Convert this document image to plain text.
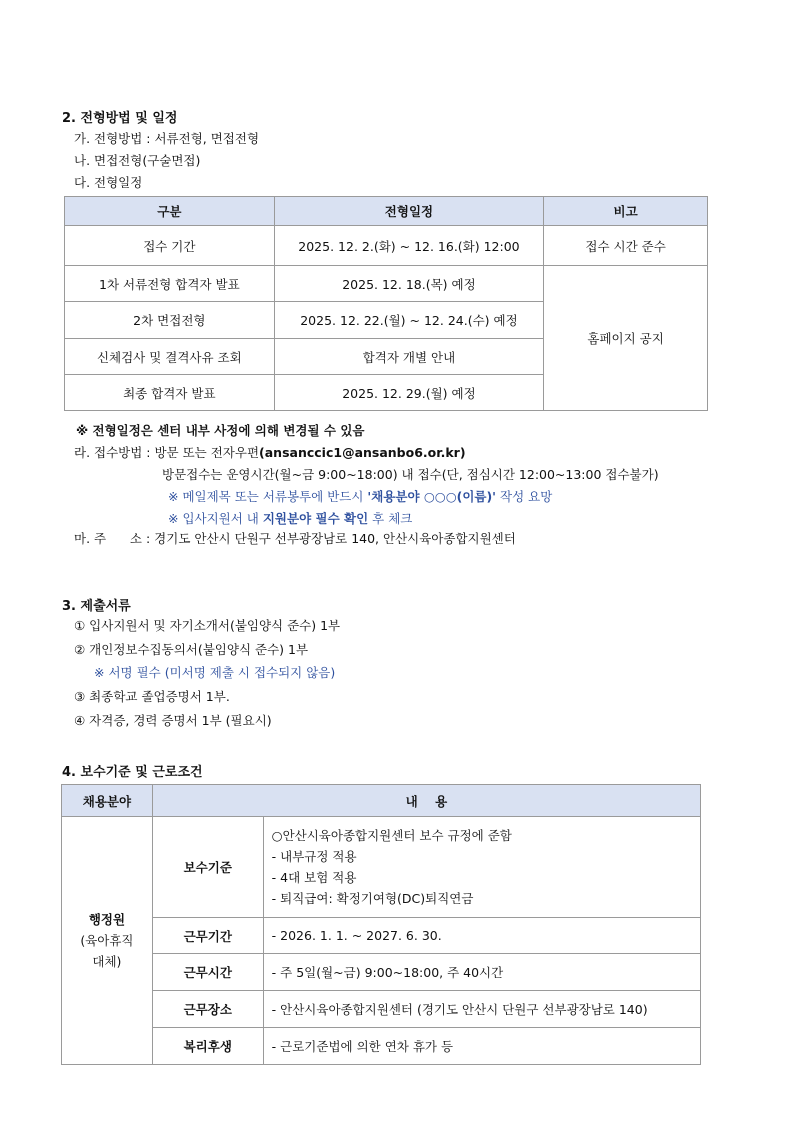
2. 전형방법 및 일정
가. 전형방법 : 서류전형, 면접전형
나. 면접전형(구술면접)
다. 전형일정
구분	전형일정	비고
접수 기간	2025. 12. 2.(화) ~ 12. 16.(화) 12:00	접수 시간 준수
1차 서류전형 합격자 발표	2025. 12. 18.(목) 예정	홈페이지 공지
2차 면접전형	2025. 12. 22.(월) ~ 12. 24.(수) 예정	
신체검사 및 결격사유 조회	합격자 개별 안내	
최종 합격자 발표	2025. 12. 29.(월) 예정	
※ 전형일정은 센터 내부 사정에 의해 변경될 수 있음
라. 접수방법 : 방문 또는 전자우편(ansanccic1@ansanbo6.or.kr)
방문접수는 운영시간(월~금 9:00~18:00) 내 접수(단, 점심시간 12:00~13:00 접수불가)
※ 메일제목 또는 서류봉투에 반드시 '채용분야 ○○○(이름)' 작성 요망
※ 입사지원서 내 지원분야 필수 확인 후 체크
마. 주      소 : 경기도 안산시 단원구 선부광장남로 140, 안산시육아종합지원센터
3. 제출서류
① 입사지원서 및 자기소개서(붙임양식 준수) 1부
② 개인정보수집동의서(붙임양식 준수) 1부
※ 서명 필수 (미서명 제출 시 접수되지 않음)
③ 최종학교 졸업증명서 1부.
④ 자격증, 경력 증명서 1부 (필요시)
4. 보수기준 및 근로조건
채용분야	내    용	

행정원
(육아휴직
대체)	보수기준	○안산시육아종합지원센터 보수 규정에 준함
- 내부규정 적용
- 4대 보험 적용
- 퇴직급여: 확정기여형(DC)퇴직연금

	근무기간	- 2026. 1. 1. ~ 2027. 6. 30.
	근무시간	- 주 5일(월~금) 9:00~18:00, 주 40시간
	근무장소	- 안산시육아종합지원센터 (경기도 안산시 단원구 선부광장남로 140)
	복리후생	- 근로기준법에 의한 연차 휴가 등
